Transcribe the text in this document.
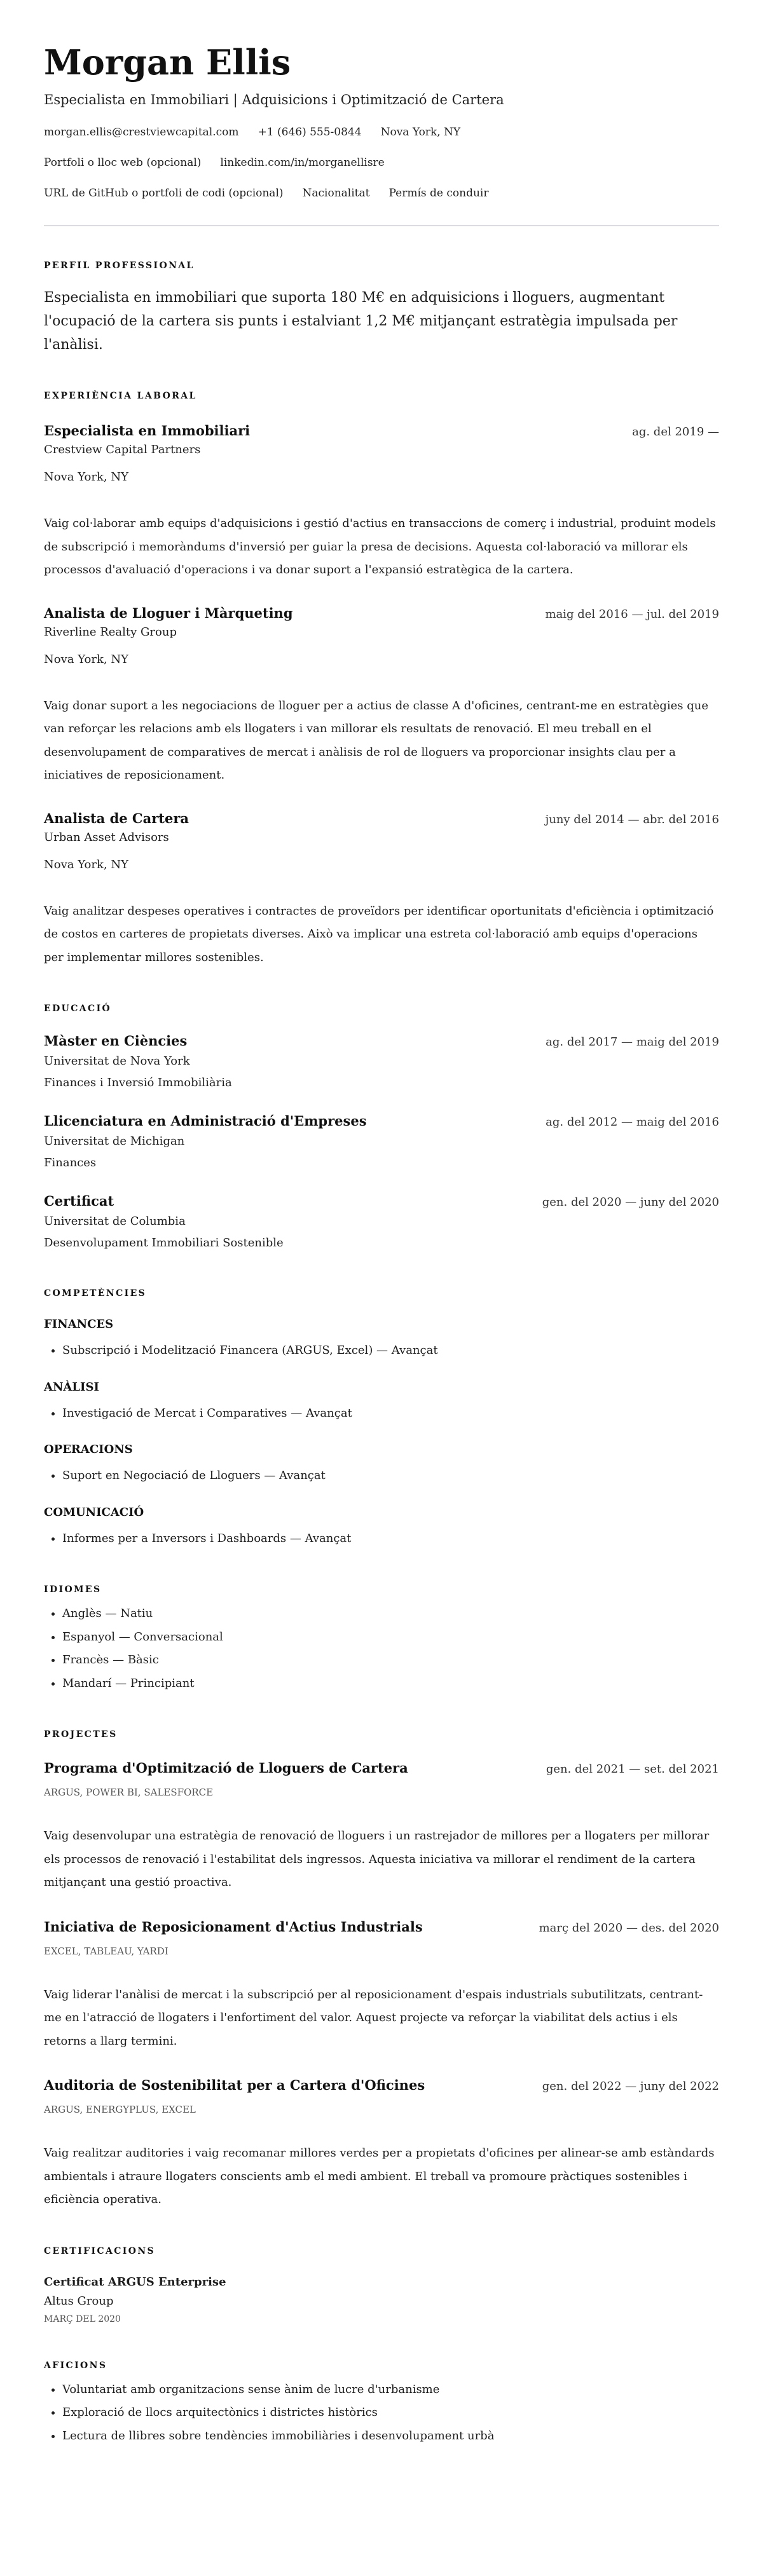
Morgan Ellis
Especialista en Immobiliari | Adquisicions i Optimització de Cartera
morgan.ellis@crestviewcapital.com +1 (646) 555-0844 Nova York, NY
Portfoli o lloc web (opcional) linkedin.com/in/morganellisre
URL de GitHub o portfoli de codi (opcional) Nacionalitat Permís de conduir
PERFIL PROFESSIONAL

Especialista en immobiliari que suporta 180 M€ en adquisicions i lloguers, augmentant l'ocupació de la cartera sis punts i estalviant 1,2 M€ mitjançant estratègia impulsada per l'anàlisi.

EXPERIÈNCIA LABORAL
Especialista en Immobiliari	ag. del 2019 —
Crestview Capital Partners
Nova York, NY

Vaig col·laborar amb equips d'adquisicions i gestió d'actius en transaccions de comerç i industrial, produint models de subscripció i memoràndums d'inversió per guiar la presa de decisions. Aquesta col·laboració va millorar els processos d'avaluació d'operacions i va donar suport a l'expansió estratègica de la cartera.

Analista de Lloguer i Màrqueting	maig del 2016 — jul. del 2019
Riverline Realty Group
Nova York, NY

Vaig donar suport a les negociacions de lloguer per a actius de classe A d'oficines, centrant-me en estratègies que van reforçar les relacions amb els llogaters i van millorar els resultats de renovació. El meu treball en el desenvolupament de comparatives de mercat i anàlisis de rol de lloguers va proporcionar insights clau per a iniciatives de reposicionament.

Analista de Cartera	juny del 2014 — abr. del 2016
Urban Asset Advisors
Nova York, NY

Vaig analitzar despeses operatives i contractes de proveïdors per identificar oportunitats d'eficiència i optimització de costos en carteres de propietats diverses. Això va implicar una estreta col·laboració amb equips d'operacions per implementar millores sostenibles.

EDUCACIÓ
Màster en Ciències	ag. del 2017 — maig del 2019
Universitat de Nova York
Finances i Inversió Immobiliària
Llicenciatura en Administració d'Empreses	ag. del 2012 — maig del 2016
Universitat de Michigan
Finances
Certificat	gen. del 2020 — juny del 2020
Universitat de Columbia
Desenvolupament Immobiliari Sostenible
COMPETÈNCIES
FINANCES
• Subscripció i Modelització Financera (ARGUS, Excel) — Avançat
ANÀLISI
• Investigació de Mercat i Comparatives — Avançat
OPERACIONS
• Suport en Negociació de Lloguers — Avançat
COMUNICACIÓ
• Informes per a Inversors i Dashboards — Avançat
IDIOMES
• Anglès — Natiu
• Espanyol — Conversacional
• Francès — Bàsic
• Mandarí — Principiant
PROJECTES
Programa d'Optimització de Lloguers de Cartera	gen. del 2021 — set. del 2021
ARGUS, POWER BI, SALESFORCE

Vaig desenvolupar una estratègia de renovació de lloguers i un rastrejador de millores per a llogaters per millorar els processos de renovació i l'estabilitat dels ingressos. Aquesta iniciativa va millorar el rendiment de la cartera mitjançant una gestió proactiva.

Iniciativa de Reposicionament d'Actius Industrials	març del 2020 — des. del 2020
EXCEL, TABLEAU, YARDI

Vaig liderar l'anàlisi de mercat i la subscripció per al reposicionament d'espais industrials subutilitzats, centrant-me en l'atracció de llogaters i l'enfortiment del valor. Aquest projecte va reforçar la viabilitat dels actius i els retorns a llarg termini.

Auditoria de Sostenibilitat per a Cartera d'Oficines	gen. del 2022 — juny del 2022
ARGUS, ENERGYPLUS, EXCEL

Vaig realitzar auditories i vaig recomanar millores verdes per a propietats d'oficines per alinear-se amb estàndards ambientals i atraure llogaters conscients amb el medi ambient. El treball va promoure pràctiques sostenibles i eficiència operativa.

CERTIFICACIONS
Certificat ARGUS Enterprise
Altus Group
MARÇ DEL 2020
AFICIONS
• Voluntariat amb organitzacions sense ànim de lucre d'urbanisme
• Exploració de llocs arquitectònics i districtes històrics
• Lectura de llibres sobre tendències immobiliàries i desenvolupament urbà
